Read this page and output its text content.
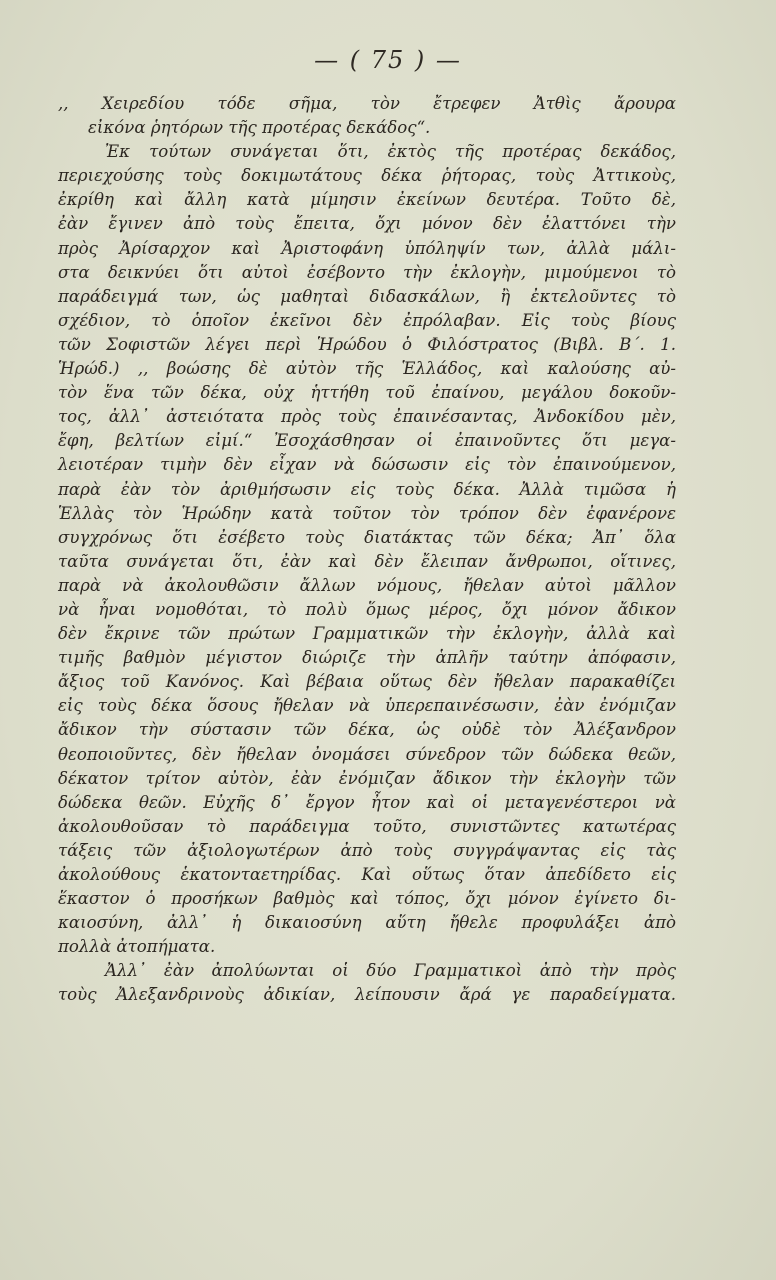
— ( 75 ) —
,, Χειρεδίου τόδε σῆμα, τὸν ἔτρεφεν Ἀτθὶς ἄρουρα
εἰκόνα ῥητόρων τῆς προτέρας δεκάδος“.
Ἐκ τούτων συνάγεται ὅτι, ἐκτὸς τῆς προτέρας δεκάδος,
περιεχούσης τοὺς δοκιμωτάτους δέκα ῥήτορας, τοὺς Ἀττικοὺς,
ἐκρίθη καὶ ἄλλη κατὰ μίμησιν ἐκείνων δευτέρα. Τοῦτο δὲ,
ἐὰν ἔγινεν ἀπὸ τοὺς ἔπειτα, ὄχι μόνον δὲν ἐλαττόνει τὴν
πρὸς Ἀρίσαρχον καὶ Ἀριστοφάνη ὑπόληψίν των, ἀλλὰ μάλι-
στα δεικνύει ὅτι αὐτοὶ ἐσέβοντο τὴν ἐκλογὴν, μιμούμενοι τὸ
παράδειγμά των, ὡς μαθηταὶ διδασκάλων, ἢ ἐκτελοῦντες τὸ
σχέδιον, τὸ ὁποῖον ἐκεῖνοι δὲν ἐπρόλαβαν. Εἰς τοὺς βίους
τῶν Σοφιστῶν λέγει περὶ Ἡρώδου ὁ Φιλόστρατος (Βιβλ. Β΄. 1.
Ἡρώδ.) ,, βοώσης δὲ αὐτὸν τῆς Ἑλλάδος, καὶ καλούσης αὐ-
τὸν ἕνα τῶν δέκα, οὐχ ἡττήθη τοῦ ἐπαίνου, μεγάλου δοκοῦν-
τος, ἀλλ᾽ ἀστειότατα πρὸς τοὺς ἐπαινέσαντας, Ἀνδοκίδου μὲν,
ἔφη, βελτίων εἰμί.“ Ἐσοχάσθησαν οἱ ἐπαινοῦντες ὅτι μεγα-
λειοτέραν τιμὴν δὲν εἶχαν νὰ δώσωσιν εἰς τὸν ἐπαινούμενον,
παρὰ ἐὰν τὸν ἀριθμήσωσιν εἰς τοὺς δέκα. Ἀλλὰ τιμῶσα ἡ
Ἑλλὰς τὸν Ἡρώδην κατὰ τοῦτον τὸν τρόπον δὲν ἐφανέρονε
συγχρόνως ὅτι ἐσέβετο τοὺς διατάκτας τῶν δέκα; Ἀπ᾽ ὅλα
ταῦτα συνάγεται ὅτι, ἐὰν καὶ δὲν ἔλειπαν ἄνθρωποι, οἵτινες,
παρὰ νὰ ἀκολουθῶσιν ἄλλων νόμους, ἤθελαν αὐτοὶ μᾶλλον
νὰ ἦναι νομοθόται, τὸ πολὺ ὅμως μέρος, ὄχι μόνον ἄδικον
δὲν ἔκρινε τῶν πρώτων Γραμματικῶν τὴν ἐκλογὴν, ἀλλὰ καὶ
τιμῆς βαθμὸν μέγιστον διώριζε τὴν ἁπλῆν ταύτην ἀπόφασιν,
ἄξιος τοῦ Κανόνος. Καὶ βέβαια οὕτως δὲν ἤθελαν παρακαθίζει
εἰς τοὺς δέκα ὅσους ἤθελαν νὰ ὑπερεπαινέσωσιν, ἐὰν ἐνόμιζαν
ἄδικον τὴν σύστασιν τῶν δέκα, ὡς οὐδὲ τὸν Ἀλέξανδρον
θεοποιοῦντες, δὲν ἤθελαν ὀνομάσει σύνεδρον τῶν δώδεκα θεῶν,
δέκατον τρίτον αὐτὸν, ἐὰν ἐνόμιζαν ἄδικον τὴν ἐκλογὴν τῶν
δώδεκα θεῶν. Εὐχῆς δ᾽ ἔργον ἦτον καὶ οἱ μεταγενέστεροι νὰ
ἀκολουθοῦσαν τὸ παράδειγμα τοῦτο, συνιστῶντες κατωτέρας
τάξεις τῶν ἀξιολογωτέρων ἀπὸ τοὺς συγγράψαντας εἰς τὰς
ἀκολούθους ἑκατονταετηρίδας. Καὶ οὕτως ὅταν ἀπεδίδετο εἰς
ἕκαστον ὁ προσήκων βαθμὸς καὶ τόπος, ὄχι μόνον ἐγίνετο δι-
καιοσύνη, ἀλλ᾽ ἡ δικαιοσύνη αὕτη ἤθελε προφυλάξει ἀπὸ
πολλὰ ἀτοπήματα.
Ἀλλ᾽ ἐὰν ἀπολύωνται οἱ δύο Γραμματικοὶ ἀπὸ τὴν πρὸς
τοὺς Ἀλεξανδρινοὺς ἀδικίαν, λείπουσιν ἄρά γε παραδείγματα.
